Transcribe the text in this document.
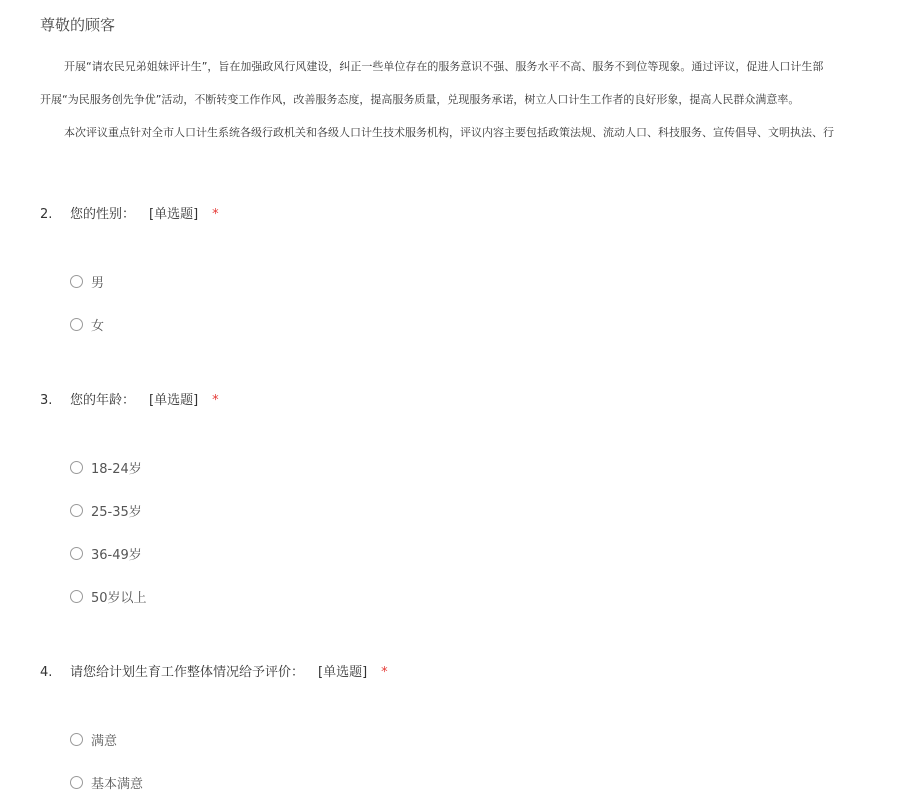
尊敬的顾客
开展“请农民兄弟姐妹评计生”，旨在加强政风行风建设，纠正一些单位存在的服务意识不强、服务水平不高、服务不到位等现象。通过评议，促进人口计生部
开展“为民服务创先争优”活动，不断转变工作作风，改善服务态度，提高服务质量，兑现服务承诺，树立人口计生工作者的良好形象，提高人民群众满意率。
本次评议重点针对全市人口计生系统各级行政机关和各级人口计生技术服务机构，评议内容主要包括政策法规、流动人口、科技服务、宣传倡导、文明执法、行
2. 您的性别： [单选题] *
男
女
3. 您的年龄： [单选题] *
18-24岁
25-35岁
36-49岁
50岁以上
4. 请您给计划生育工作整体情况给予评价： [单选题] *
满意
基本满意
